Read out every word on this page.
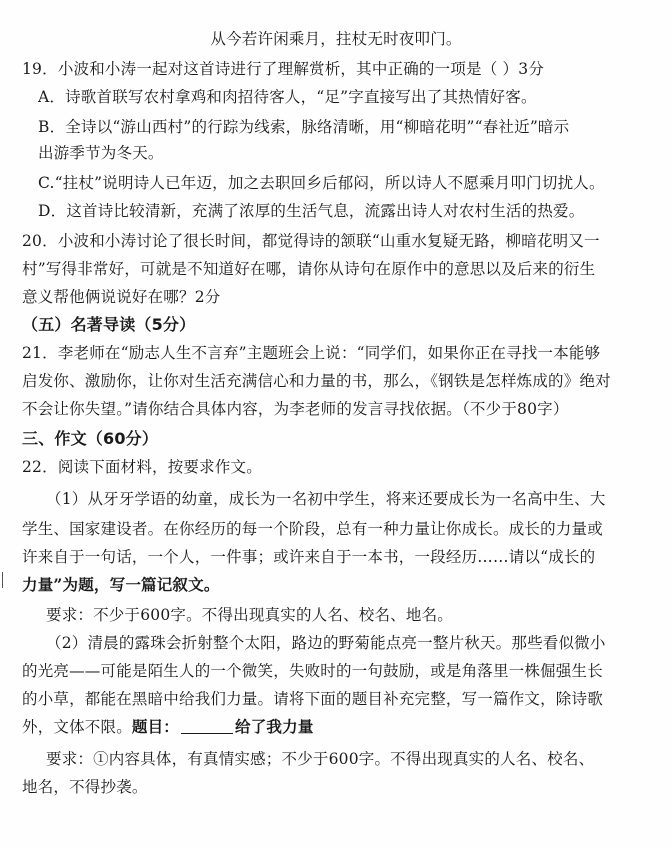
从今若许闲乘月，拄杖无时夜叩门。
19．小波和小涛一起对这首诗进行了理解赏析，其中正确的一项是（ ）3分
A．诗歌首联写农村拿鸡和肉招待客人，“足”字直接写出了其热情好客。
B．全诗以“游山西村”的行踪为线索，脉络清晰，用“柳暗花明”“春社近”暗示
出游季节为冬天。
C.“拄杖”说明诗人已年迈，加之去职回乡后郁闷，所以诗人不愿乘月叩门切扰人。
D．这首诗比较清新，充满了浓厚的生活气息，流露出诗人对农村生活的热爱。
20．小波和小涛讨论了很长时间，都觉得诗的颔联“山重水复疑无路，柳暗花明又一
村”写得非常好，可就是不知道好在哪，请你从诗句在原作中的意思以及后来的衍生
意义帮他俩说说好在哪？2分
（五）名著导读（5分）
21．李老师在“励志人生不言弃”主题班会上说：“同学们，如果你正在寻找一本能够
启发你、激励你，让你对生活充满信心和力量的书，那么，《钢铁是怎样炼成的》绝对
不会让你失望。”请你结合具体内容，为李老师的发言寻找依据。（不少于80字）
三、作文（60分）
22．阅读下面材料，按要求作文。
（1）从牙牙学语的幼童，成长为一名初中学生，将来还要成长为一名高中生、大
学生、国家建设者。在你经历的每一个阶段，总有一种力量让你成长。成长的力量或
许来自于一句话，一个人，一件事；或许来自于一本书，一段经历……请以“成长的
力量”为题，写一篇记叙文。
要求：不少于600字。不得出现真实的人名、校名、地名。
（2）清晨的露珠会折射整个太阳，路边的野菊能点亮一整片秋天。那些看似微小
的光亮——可能是陌生人的一个微笑，失败时的一句鼓励，或是角落里一株倔强生长
的小草，都能在黑暗中给我们力量。请将下面的题目补充完整，写一篇作文，除诗歌
外，文体不限。题目：	给了我力量
要求：①内容具体，有真情实感；不少于600字。不得出现真实的人名、校名、
地名，不得抄袭。
